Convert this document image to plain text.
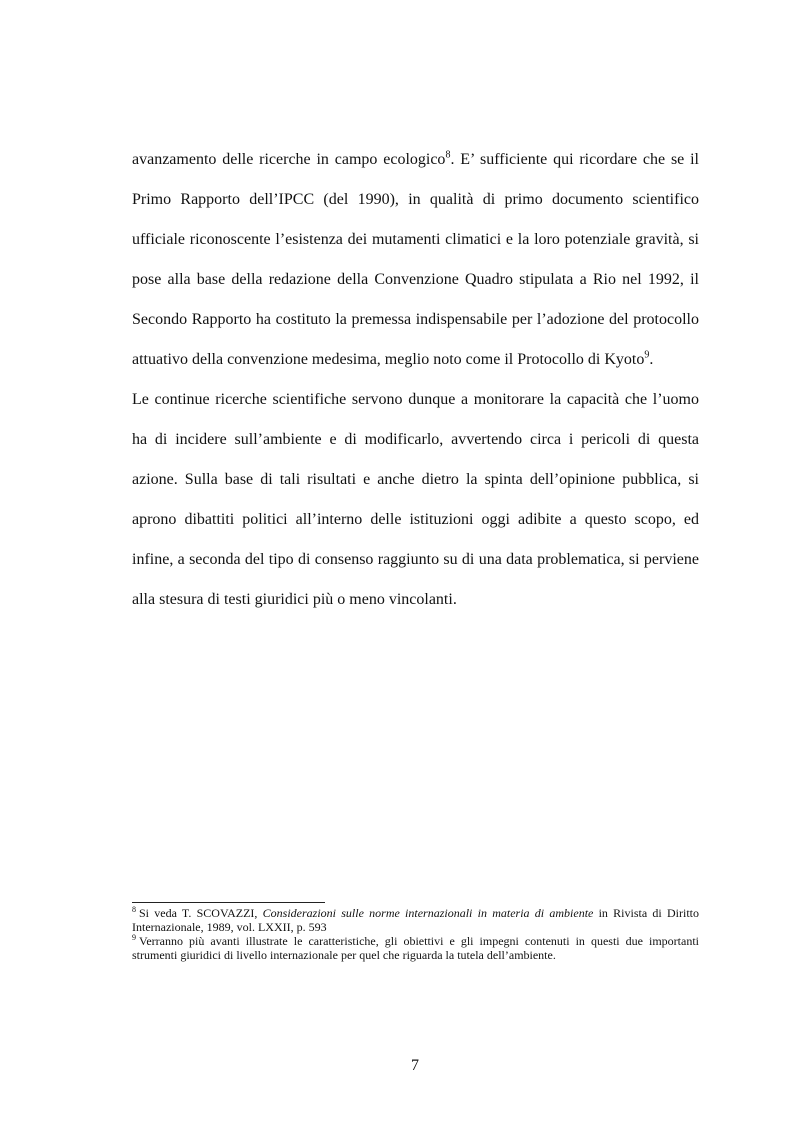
avanzamento delle ricerche in campo ecologico$^8$. E’ sufficiente qui ricordare che se il Primo Rapporto dell’IPCC (del 1990), in qualità di primo documento scientifico ufficiale riconoscente l’esistenza dei mutamenti climatici e la loro potenziale gravità, si pose alla base della redazione della Convenzione Quadro stipulata a Rio nel 1992, il Secondo Rapporto ha costituto la premessa indispensabile per l’adozione del protocollo attuativo della convenzione medesima, meglio noto come il Protocollo di Kyoto$^9$.

Le continue ricerche scientifiche servono dunque a monitorare la capacità che l’uomo ha di incidere sull’ambiente e di modificarlo, avvertendo circa i pericoli di questa azione. Sulla base di tali risultati e anche dietro la spinta dell’opinione pubblica, si aprono dibattiti politici all’interno delle istituzioni oggi adibite a questo scopo, ed infine, a seconda del tipo di consenso raggiunto su di una data problematica, si perviene alla stesura di testi giuridici più o meno vincolanti.

$^8$ Si veda T. SCOVAZZI, Considerazioni sulle norme internazionali in materia di ambiente in Rivista di Diritto Internazionale, 1989, vol. LXXII, p. 593

$^9$ Verranno più avanti illustrate le caratteristiche, gli obiettivi e gli impegni contenuti in questi due importanti strumenti giuridici di livello internazionale per quel che riguarda la tutela dell’ambiente.

7
